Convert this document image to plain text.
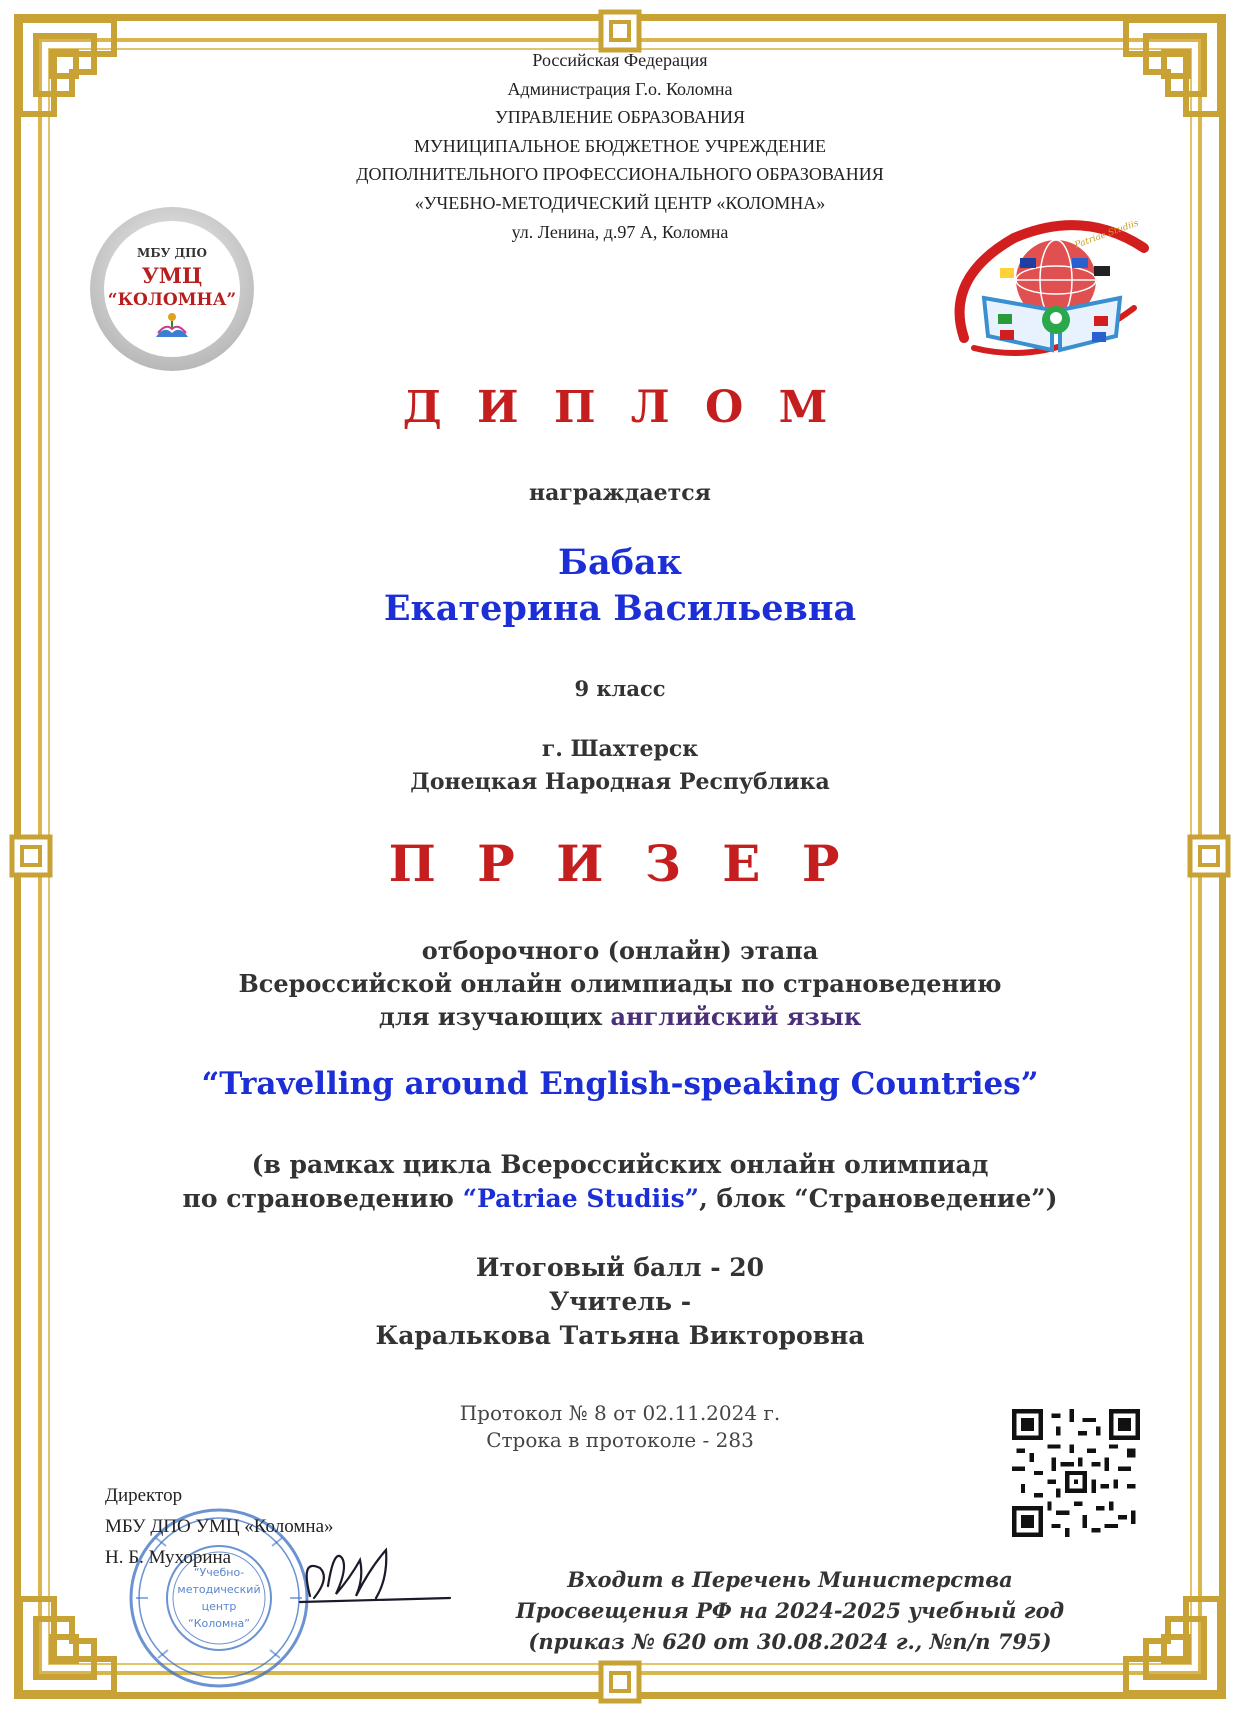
Российская Федерация
Администрация Г.о. Коломна
УПРАВЛЕНИЕ ОБРАЗОВАНИЯ
МУНИЦИПАЛЬНОЕ БЮДЖЕТНОЕ УЧРЕЖДЕНИЕ
ДОПОЛНИТЕЛЬНОГО ПРОФЕССИОНАЛЬНОГО ОБРАЗОВАНИЯ
«УЧЕБНО-МЕТОДИЧЕСКИЙ ЦЕНТР «КОЛОМНА»
ул. Ленина, д.97 А, Коломна
МБУ ДПО
УМЦ
“КОЛОМНА”
Patriae Studiis
Д И П Л О М
награждается
Бабак
Екатерина Васильевна
9 класс
г. Шахтерск
Донецкая Народная Республика
П Р И З Е Р
отборочного (онлайн) этапа
Всероссийской онлайн олимпиады по страноведению
для изучающих английский язык
“Travelling around English-speaking Countries”
(в рамках цикла Всероссийских онлайн олимпиад
по страноведению “Patriae Studiis”, блок “Страноведение”)
Итоговый балл - 20
Учитель -
Каралькова Татьяна Викторовна
Протокол № 8 от 02.11.2024 г.
Строка в протоколе - 283
“Учебно-
методический
центр
“Коломна”
Директор
МБУ ДПО УМЦ «Коломна»
Н. Б. Мухорина
Входит в Перечень Министерства
Просвещения РФ на 2024-2025 учебный год
(приказ № 620 от 30.08.2024 г., №п/п 795)
